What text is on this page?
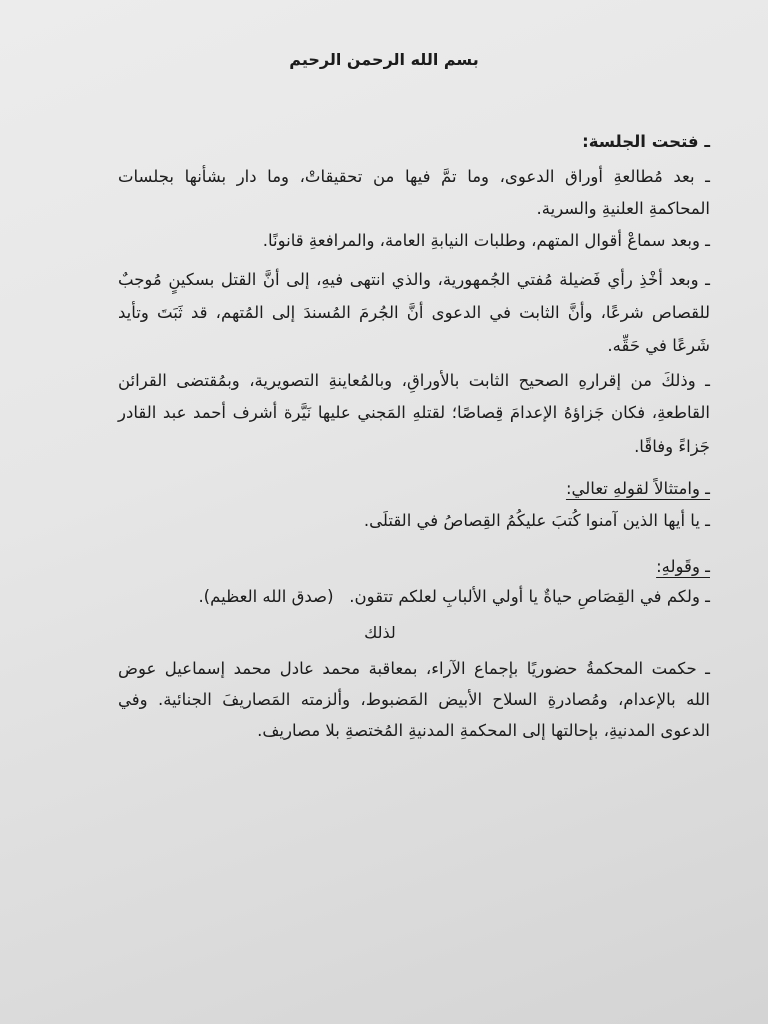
بسم الله الرحمن الرحيم
ـ فتحت الجلسة:
ـ بعد مُطالعةِ أوراق الدعوى، وما تمَّ فيها من تحقيقاتْ، وما دار بشأنها بجلسات
المحاكمةِ العلنيةِ والسرية.
ـ وبعد سماعْ أقوال المتهم، وطلبات النيابةِ العامة، والمرافعةِ قانونًا.
ـ وبعد أخْذِ رأي فَضيلة مُفتي الجُمهورية، والذي انتهى فيهِ، إلى أنَّ القتل بسكينٍ مُوجبٌ
للقصاص شرعًا، وأنَّ الثابت في الدعوى أنَّ الجُرمَ المُسندَ إلى المُتهم، قد ثَبَتَ وتأيد
شَرعًا في حَقِّه.
ـ وذلكَ من إقرارهِ الصحيح الثابت بالأوراقِ، وبالمُعاينةِ التصويرية، وبمُقتضى القرائن
القاطعةِ، فكان جَزاؤهُ الإعدامَ قِصاصًا؛ لقتلهِ المَجني عليها نَيَّرة أشرف أحمد عبد القادر
جَزاءً وفاقًا.
ـ وامتثالاً لقولهِ تعالي:
ـ يا أيها الذين آمنوا كُتبَ عليكُمُ القِصاصُ في القتلَى.
ـ وقَولهِ:
ـ ولكم في القِصَاصِ حياةٌ يا أولي الألبابِ لعلكم تتقون.   (صدق الله العظيم).
لذلك
ـ حكمت المحكمةُ حضوريًا بإجماع الآراء، بمعاقبة محمد عادل محمد إسماعيل عوض
الله بالإعدام، ومُصادرةِ السلاح الأبيض المَضبوط، وألزمته المَصاريفَ الجنائية. وفي
الدعوى المدنيةِ، بإحالتها إلى المحكمةِ المدنيةِ المُختصةِ بلا مصاريف.
